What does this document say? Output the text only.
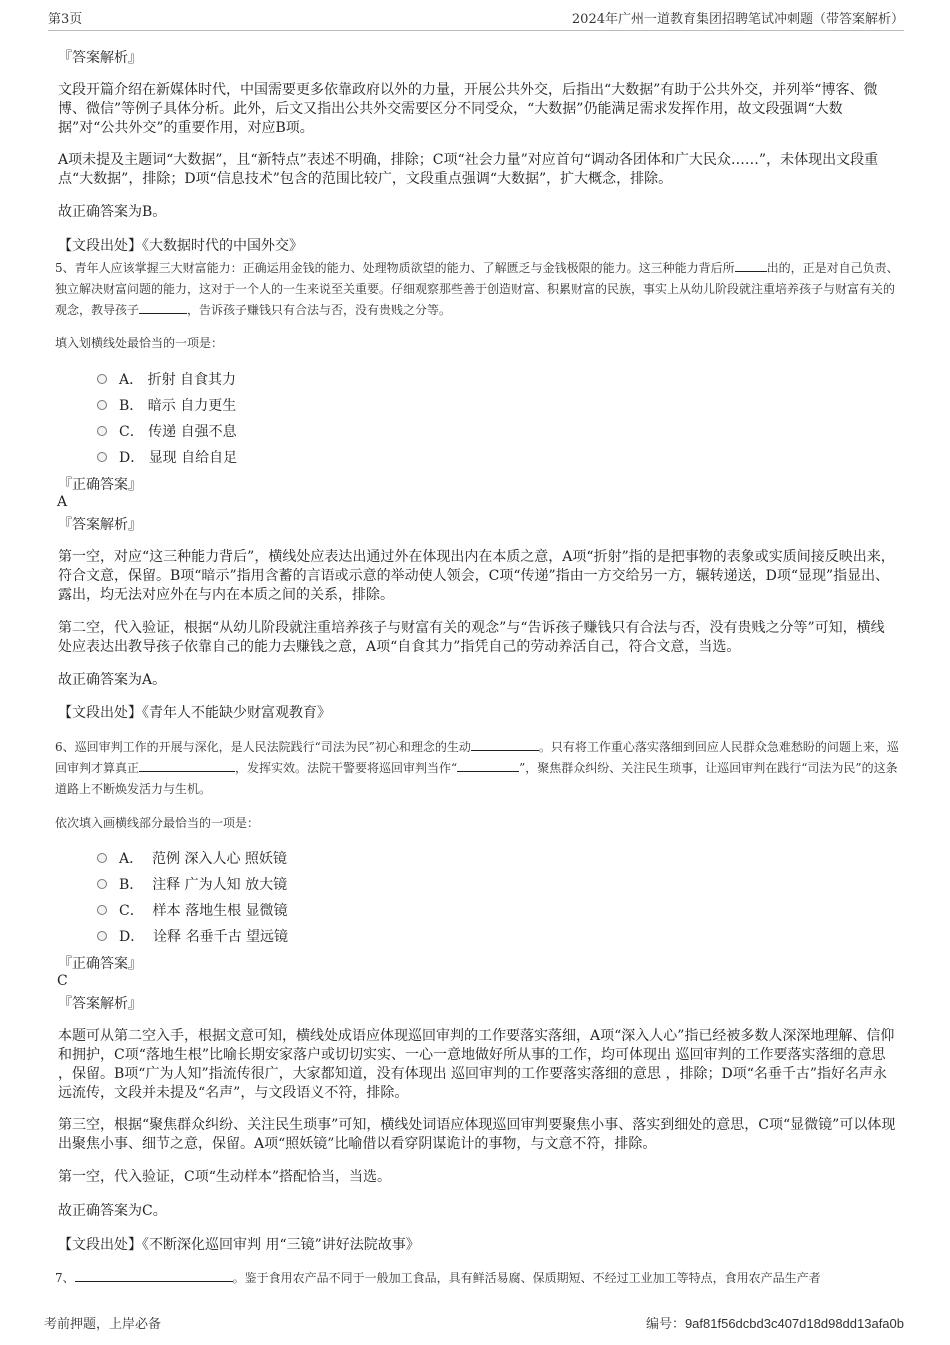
第3页	2024年广州一道教育集团招聘笔试冲刺题（带答案解析）
『答案解析』

文段开篇介绍在新媒体时代，中国需要更多依靠政府以外的力量，开展公共外交，后指出“大数据”有助于公共外交，并列举“博客、微博、微信”等例子具体分析。此外，后文又指出公共外交需要区分不同受众，“大数据”仍能满足需求发挥作用，故文段强调“大数据”对“公共外交”的重要作用，对应B项。

A项未提及主题词“大数据”，且“新特点”表述不明确，排除；C项“社会力量”对应首句“调动各团体和广大民众……”，未体现出文段重点“大数据”，排除；D项“信息技术”包含的范围比较广，文段重点强调“大数据”，扩大概念，排除。

故正确答案为B。

【文段出处】《大数据时代的中国外交》

5、青年人应该掌握三大财富能力：正确运用金钱的能力、处理物质欲望的能力、了解匮乏与金钱极限的能力。这三种能力背后所	出的，正是对自己负责、独立解决财富问题的能力，这对于一个人的一生来说至关重要。仔细观察那些善于创造财富、积累财富的民族，事实上从幼儿阶段就注重培养孩子与财富有关的观念，教导孩子	，告诉孩子赚钱只有合法与否，没有贵贱之分等。

填入划横线处最恰当的一项是：
A．
折射 自食其力
B．
暗示 自力更生
C．
传递 自强不息
D．
显现 自给自足
『正确答案』
A
『答案解析』

第一空，对应“这三种能力背后”，横线处应表达出通过外在体现出内在本质之意，A项“折射”指的是把事物的表象或实质间接反映出来，符合文意，保留。B项“暗示”指用含蓄的言语或示意的举动使人领会，C项“传递”指由一方交给另一方，辗转递送，D项“显现”指显出、露出，均无法对应外在与内在本质之间的关系，排除。

第二空，代入验证，根据“从幼儿阶段就注重培养孩子与财富有关的观念”与“告诉孩子赚钱只有合法与否，没有贵贱之分等”可知，横线处应表达出教导孩子依靠自己的能力去赚钱之意，A项“自食其力”指凭自己的劳动养活自己，符合文意，当选。

故正确答案为A。

【文段出处】《青年人不能缺少财富观教育》

6、巡回审判工作的开展与深化，是人民法院践行“司法为民”初心和理念的生动	。只有将工作重心落实落细到回应人民群众急难愁盼的问题上来，巡回审判才算真正	，发挥实效。法院干警要将巡回审判当作“	”，聚焦群众纠纷、关注民生琐事，让巡回审判在践行“司法为民”的这条道路上不断焕发活力与生机。

依次填入画横线部分最恰当的一项是：
A．
范例 深入人心 照妖镜
B．
注释 广为人知 放大镜
C．
样本 落地生根 显微镜
D．
诠释 名垂千古 望远镜
『正确答案』
C
『答案解析』

本题可从第二空入手，根据文意可知，横线处成语应体现巡回审判的工作要落实落细，A项“深入人心”指已经被多数人深深地理解、信仰和拥护，C项“落地生根”比喻长期安家落户或切切实实、一心一意地做好所从事的工作，均可体现出 巡回审判的工作要落实落细的意思 ，保留。B项“广为人知”指流传很广，大家都知道，没有体现出 巡回审判的工作要落实落细的意思 ，排除；D项“名垂千古”指好名声永远流传，文段并未提及“名声”，与文段语义不符，排除。

第三空，根据“聚焦群众纠纷、关注民生琐事”可知，横线处词语应体现巡回审判要聚焦小事、落实到细处的意思，C项“显微镜”可以体现出聚焦小事、细节之意，保留。A项“照妖镜”比喻借以看穿阴谋诡计的事物，与文意不符，排除。

第一空，代入验证，C项“生动样本”搭配恰当，当选。

故正确答案为C。

【文段出处】《不断深化巡回审判 用“三镜”讲好法院故事》

7、	。鉴于食用农产品不同于一般加工食品，具有鲜活易腐、保质期短、不经过工业加工等特点，食用农产品生产者

考前押题，上岸必备	编号：9af81f56dcbd3c407d18d98dd13afa0b
